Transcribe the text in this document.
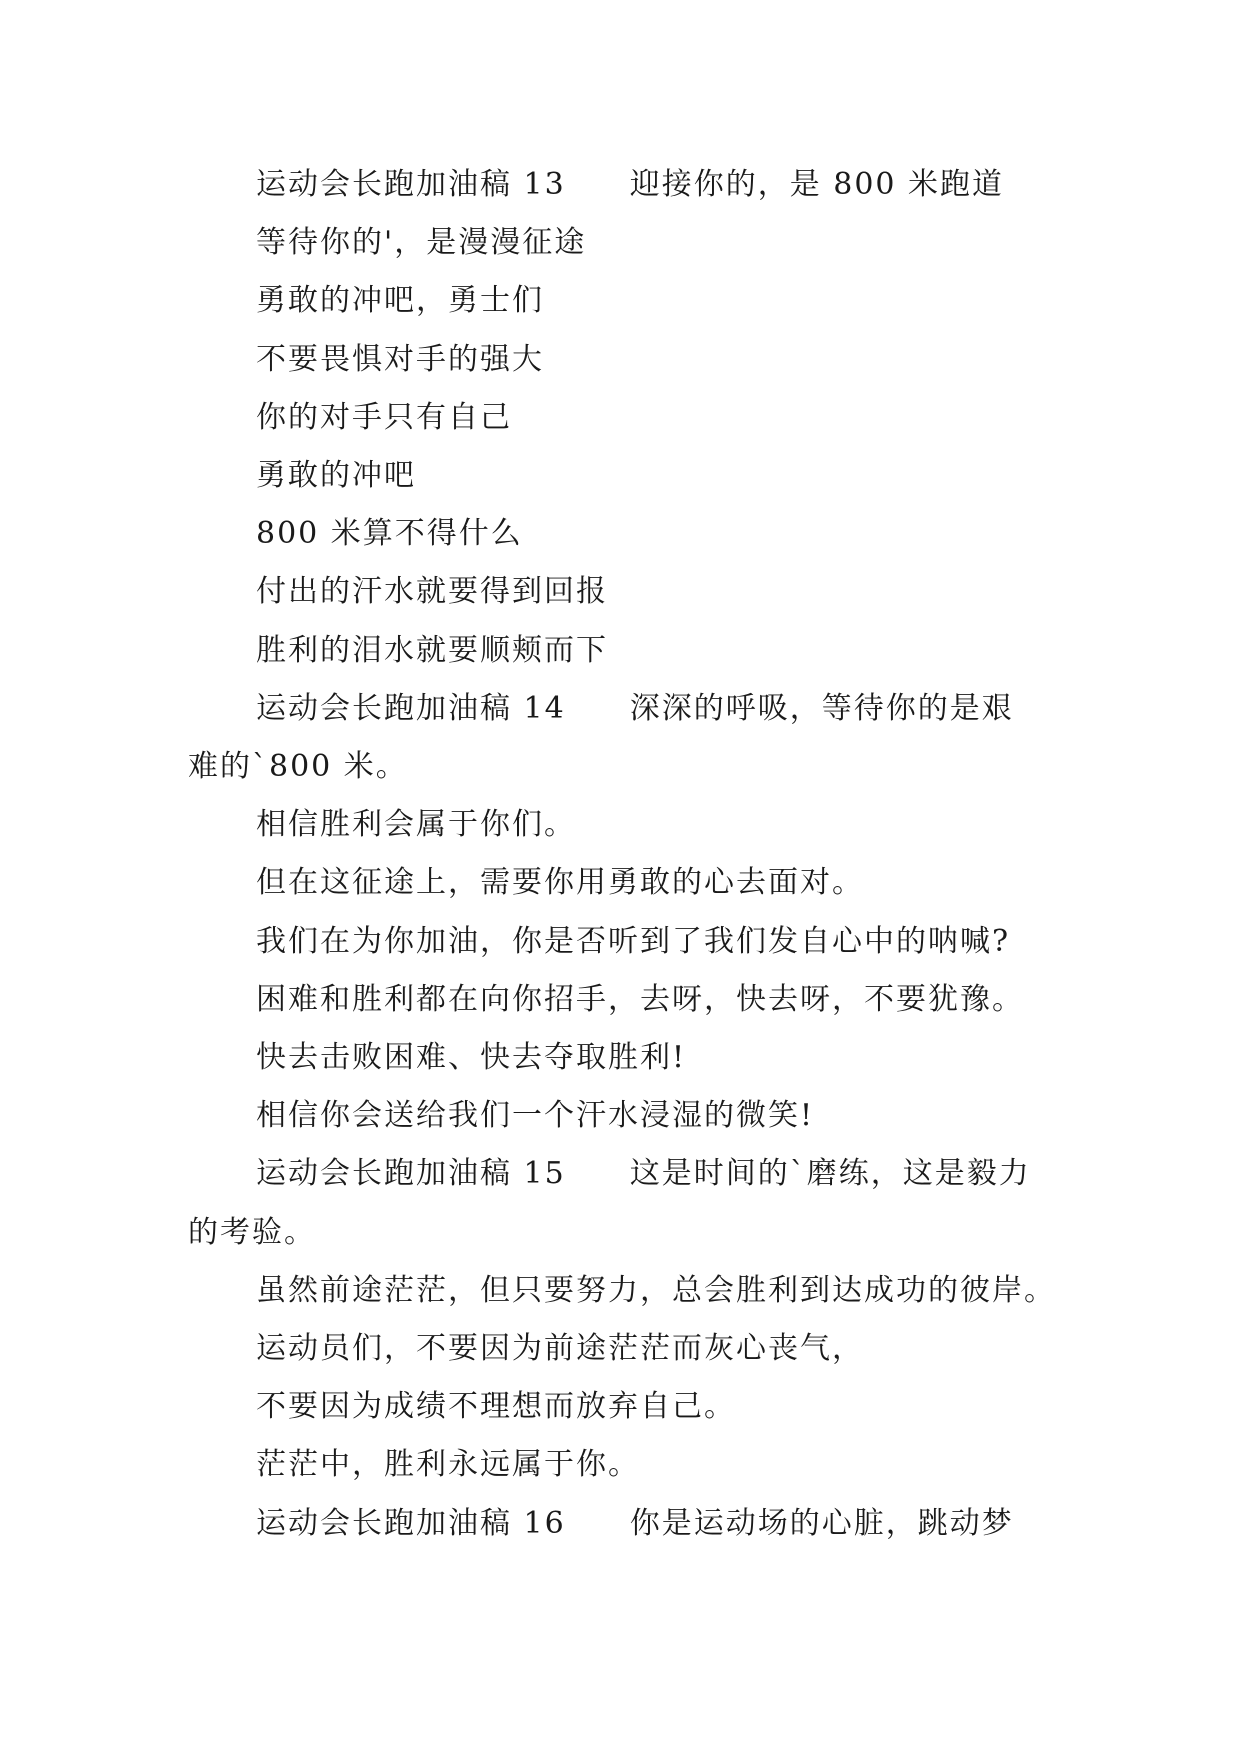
运动会长跑加油稿 13 迎接你的，是 800 米跑道
等待你的'，是漫漫征途
勇敢的冲吧，勇士们
不要畏惧对手的强大
你的对手只有自己
勇敢的冲吧
800 米算不得什么
付出的汗水就要得到回报
胜利的泪水就要顺颊而下
运动会长跑加油稿 14 深深的呼吸，等待你的是艰
难的`800 米。
相信胜利会属于你们。
但在这征途上，需要你用勇敢的心去面对。
我们在为你加油，你是否听到了我们发自心中的呐喊?
困难和胜利都在向你招手，去呀，快去呀，不要犹豫。
快去击败困难、快去夺取胜利!
相信你会送给我们一个汗水浸湿的微笑!
运动会长跑加油稿 15 这是时间的`磨练，这是毅力
的考验。
虽然前途茫茫，但只要努力，总会胜利到达成功的彼岸。
运动员们，不要因为前途茫茫而灰心丧气，
不要因为成绩不理想而放弃自己。
茫茫中，胜利永远属于你。
运动会长跑加油稿 16 你是运动场的心脏，跳动梦
